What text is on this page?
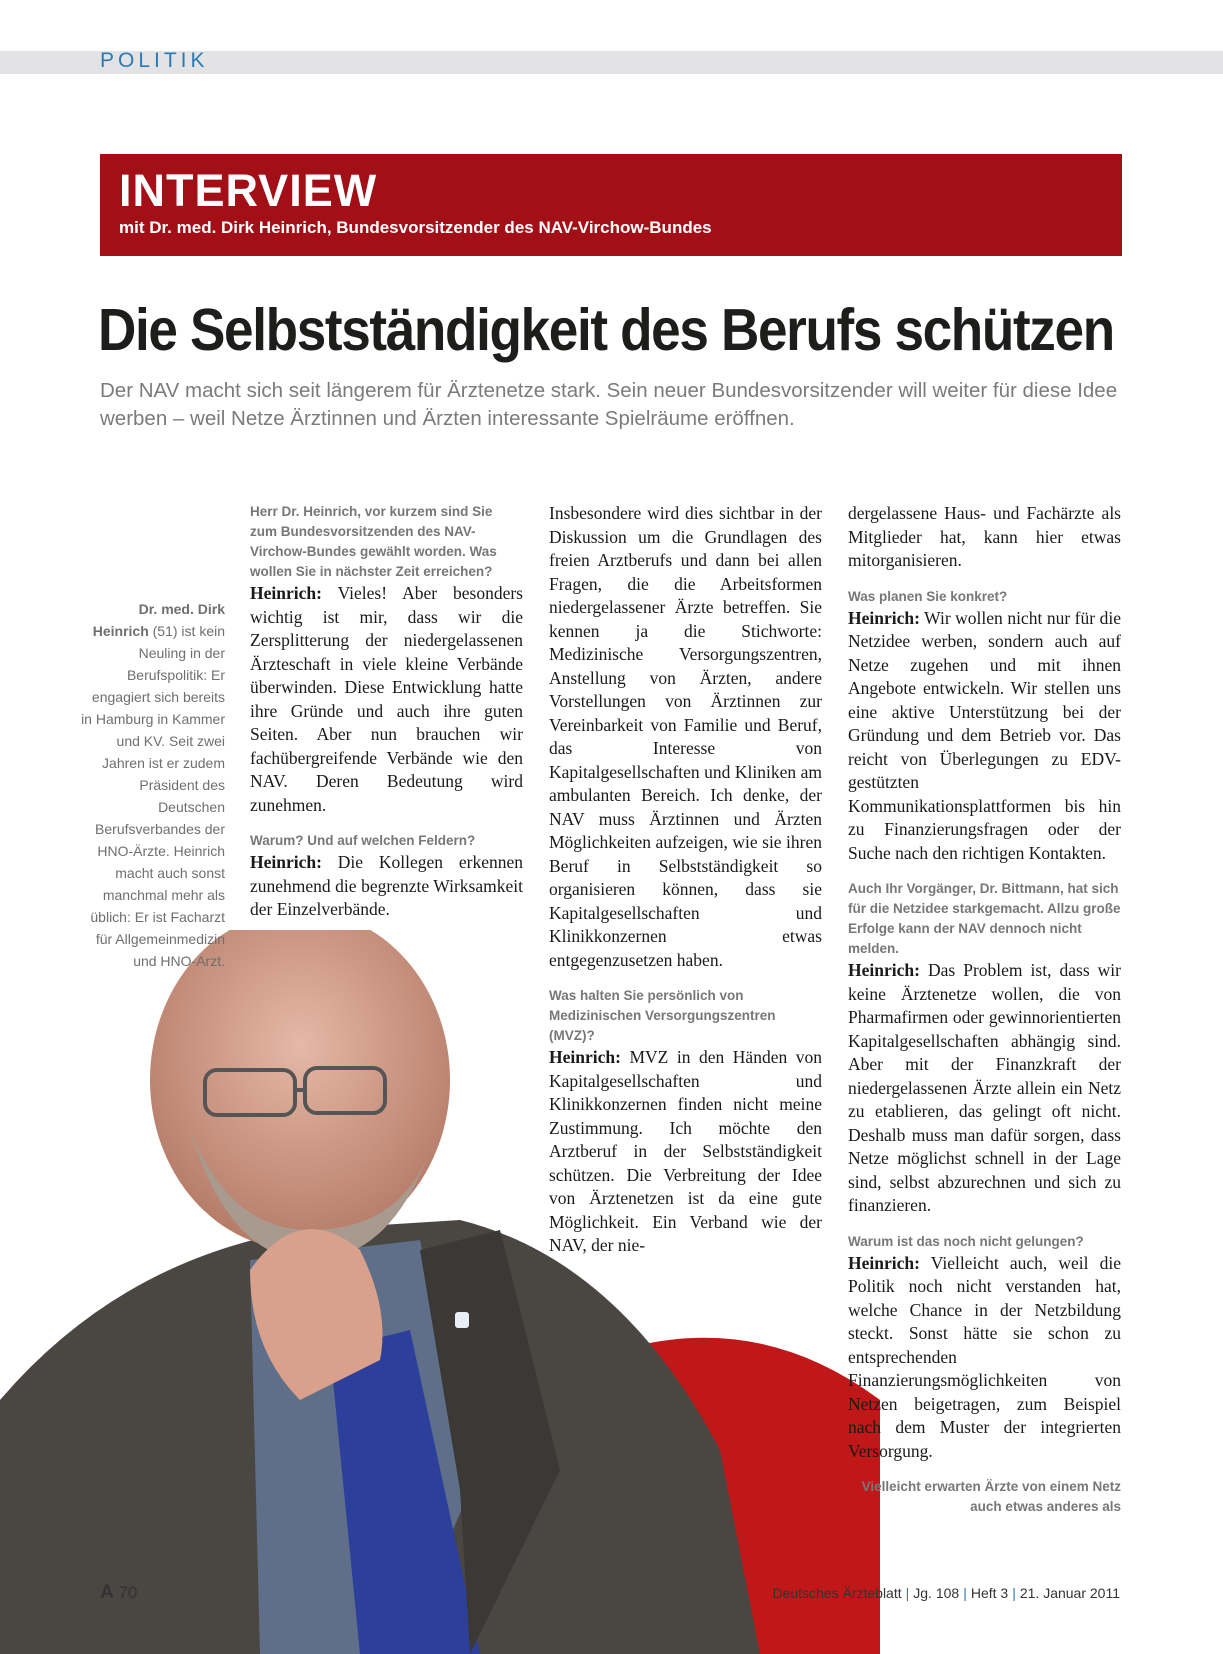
POLITIK
INTERVIEW
mit Dr. med. Dirk Heinrich, Bundesvorsitzender des NAV-Virchow-Bundes
Die Selbstständigkeit des Berufs schützen

Der NAV macht sich seit längerem für Ärztenetze stark. Sein neuer Bundesvorsitzender will weiter für diese Idee werben – weil Netze Ärztinnen und Ärzten interessante Spielräume eröffnen.

Dr. med. Dirk Heinrich (51) ist kein Neuling in der Berufspolitik: Er engagiert sich bereits in Hamburg in Kammer und KV. Seit zwei Jahren ist er zudem Präsident des Deutschen Berufsverbandes der HNO-Ärzte. Heinrich macht auch sonst manchmal mehr als üblich: Er ist Facharzt für Allgemeinmedizin und HNO-Arzt.

Herr Dr. Heinrich, vor kurzem sind Sie zum Bundesvorsitzenden des NAV-Virchow-Bundes gewählt worden. Was wollen Sie in nächster Zeit erreichen?

Heinrich: Vieles! Aber besonders wichtig ist mir, dass wir die Zersplitterung der niedergelassenen Ärzteschaft in viele kleine Verbände überwinden. Diese Entwicklung hatte ihre Gründe und auch ihre guten Seiten. Aber nun brauchen wir fachübergreifende Verbände wie den NAV. Deren Bedeutung wird zunehmen.

Warum? Und auf welchen Feldern?

Heinrich: Die Kollegen erkennen zunehmend die begrenzte Wirksamkeit der Einzelverbände.

Insbesondere wird dies sichtbar in der Diskussion um die Grundlagen des freien Arztberufs und dann bei allen Fragen, die die Arbeitsformen niedergelassener Ärzte betreffen. Sie kennen ja die Stichworte: Medizinische Versorgungszentren, Anstellung von Ärzten, andere Vorstellungen von Ärztinnen zur Vereinbarkeit von Familie und Beruf, das Interesse von Kapitalgesellschaften und Kliniken am ambulanten Bereich. Ich denke, der NAV muss Ärztinnen und Ärzten Möglichkeiten aufzeigen, wie sie ihren Beruf in Selbstständigkeit so organisieren können, dass sie Kapitalgesellschaften und Klinikkonzernen etwas entgegenzusetzen haben.

Was halten Sie persönlich von Medizinischen Versorgungszentren (MVZ)?

Heinrich: MVZ in den Händen von Kapitalgesellschaften und Klinikkonzernen finden nicht meine Zustimmung. Ich möchte den Arztberuf in der Selbstständigkeit schützen. Die Verbreitung der Idee von Ärztenetzen ist da eine gute Möglichkeit. Ein Verband wie der NAV, der nie-

dergelassene Haus- und Fachärzte als Mitglieder hat, kann hier etwas mitorganisieren.

Was planen Sie konkret?

Heinrich: Wir wollen nicht nur für die Netzidee werben, sondern auch auf Netze zugehen und mit ihnen Angebote entwickeln. Wir stellen uns eine aktive Unterstützung bei der Gründung und dem Betrieb vor. Das reicht von Überlegungen zu EDV-gestützten Kommunikationsplattformen bis hin zu Finanzierungsfragen oder der Suche nach den richtigen Kontakten.

Auch Ihr Vorgänger, Dr. Bittmann, hat sich für die Netzidee starkgemacht. Allzu große Erfolge kann der NAV dennoch nicht melden.

Heinrich: Das Problem ist, dass wir keine Ärztenetze wollen, die von Pharmafirmen oder gewinnorientierten Kapitalgesellschaften abhängig sind. Aber mit der Finanzkraft der niedergelassenen Ärzte allein ein Netz zu etablieren, das gelingt oft nicht. Deshalb muss man dafür sorgen, dass Netze möglichst schnell in der Lage sind, selbst abzurechnen und sich zu finanzieren.

Warum ist das noch nicht gelungen?

Heinrich: Vielleicht auch, weil die Politik noch nicht verstanden hat, welche Chance in der Netzbildung steckt. Sonst hätte sie schon zu entsprechenden Finanzierungsmöglichkeiten von Netzen beigetragen, zum Beispiel nach dem Muster der integrierten Versorgung.

Vielleicht erwarten Ärzte von einem Netz auch etwas anderes als

A 70	Deutsches Ärzteblatt | Jg. 108 | Heft 3 | 21. Januar 2011
